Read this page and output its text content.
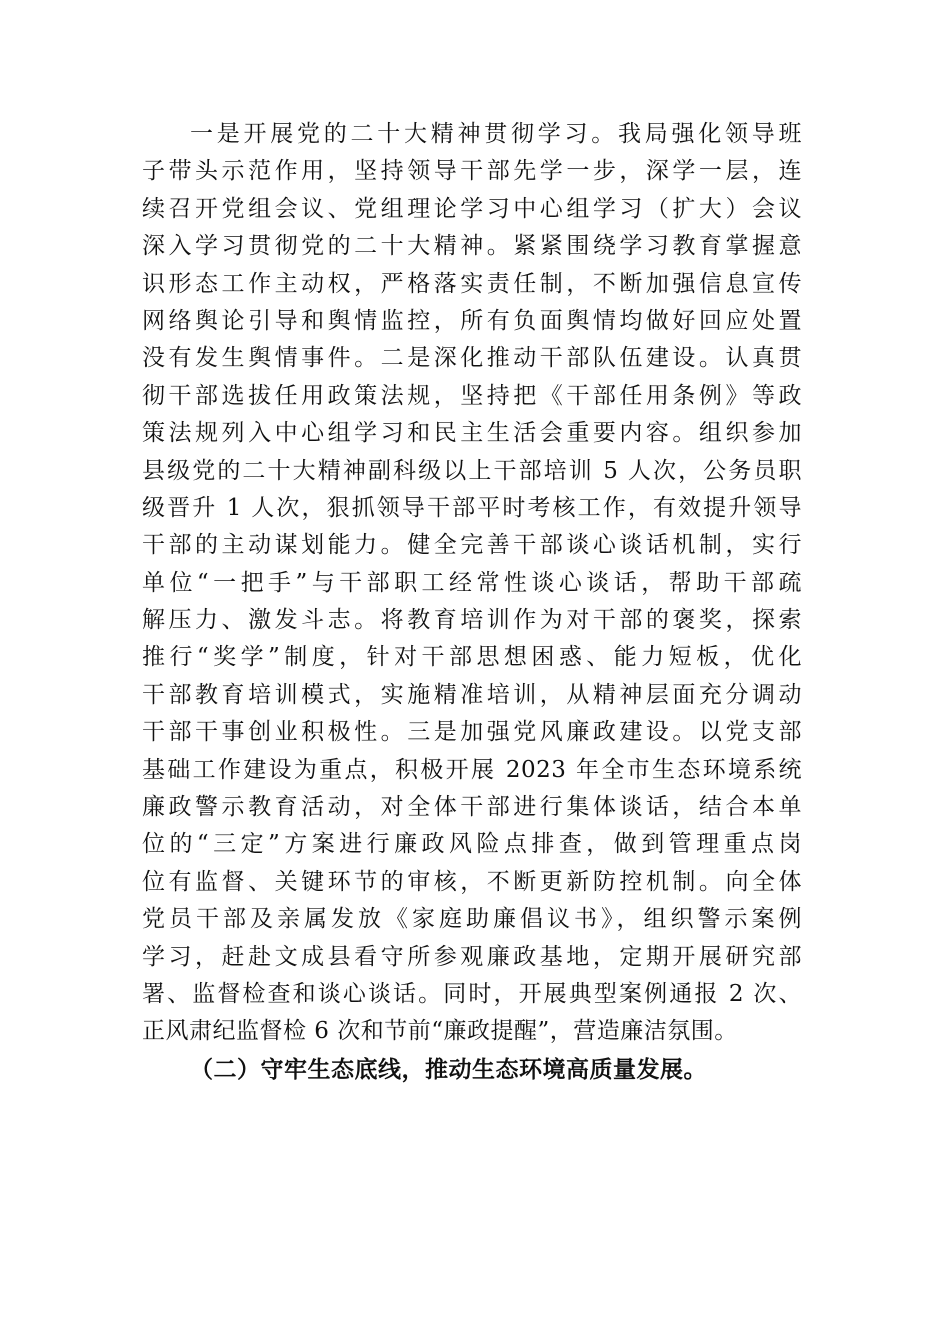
一是开展党的二十大精神贯彻学习。我局强化领导班
子带头示范作用，坚持领导干部先学一步，深学一层，连
续召开党组会议、党组理论学习中心组学习（扩大）会议
深入学习贯彻党的二十大精神。紧紧围绕学习教育掌握意
识形态工作主动权，严格落实责任制，不断加强信息宣传
网络舆论引导和舆情监控，所有负面舆情均做好回应处置
没有发生舆情事件。二是深化推动干部队伍建设。认真贯
彻干部选拔任用政策法规，坚持把《干部任用条例》等政
策法规列入中心组学习和民主生活会重要内容。组织参加
县级党的二十大精神副科级以上干部培训 5 人次，公务员职
级晋升 1 人次，狠抓领导干部平时考核工作，有效提升领导
干部的主动谋划能力。健全完善干部谈心谈话机制，实行
单位“一把手”与干部职工经常性谈心谈话，帮助干部疏
解压力、激发斗志。将教育培训作为对干部的褒奖，探索
推行“奖学”制度，针对干部思想困惑、能力短板，优化
干部教育培训模式，实施精准培训，从精神层面充分调动
干部干事创业积极性。三是加强党风廉政建设。以党支部
基础工作建设为重点，积极开展 2023 年全市生态环境系统
廉政警示教育活动，对全体干部进行集体谈话，结合本单
位的“三定”方案进行廉政风险点排查，做到管理重点岗
位有监督、关键环节的审核，不断更新防控机制。向全体
党员干部及亲属发放《家庭助廉倡议书》，组织警示案例
学习，赶赴文成县看守所参观廉政基地，定期开展研究部
署、监督检查和谈心谈话。同时，开展典型案例通报 2 次、
正风肃纪监督检 6 次和节前“廉政提醒”，营造廉洁氛围。
（二）守牢生态底线，推动生态环境高质量发展。
